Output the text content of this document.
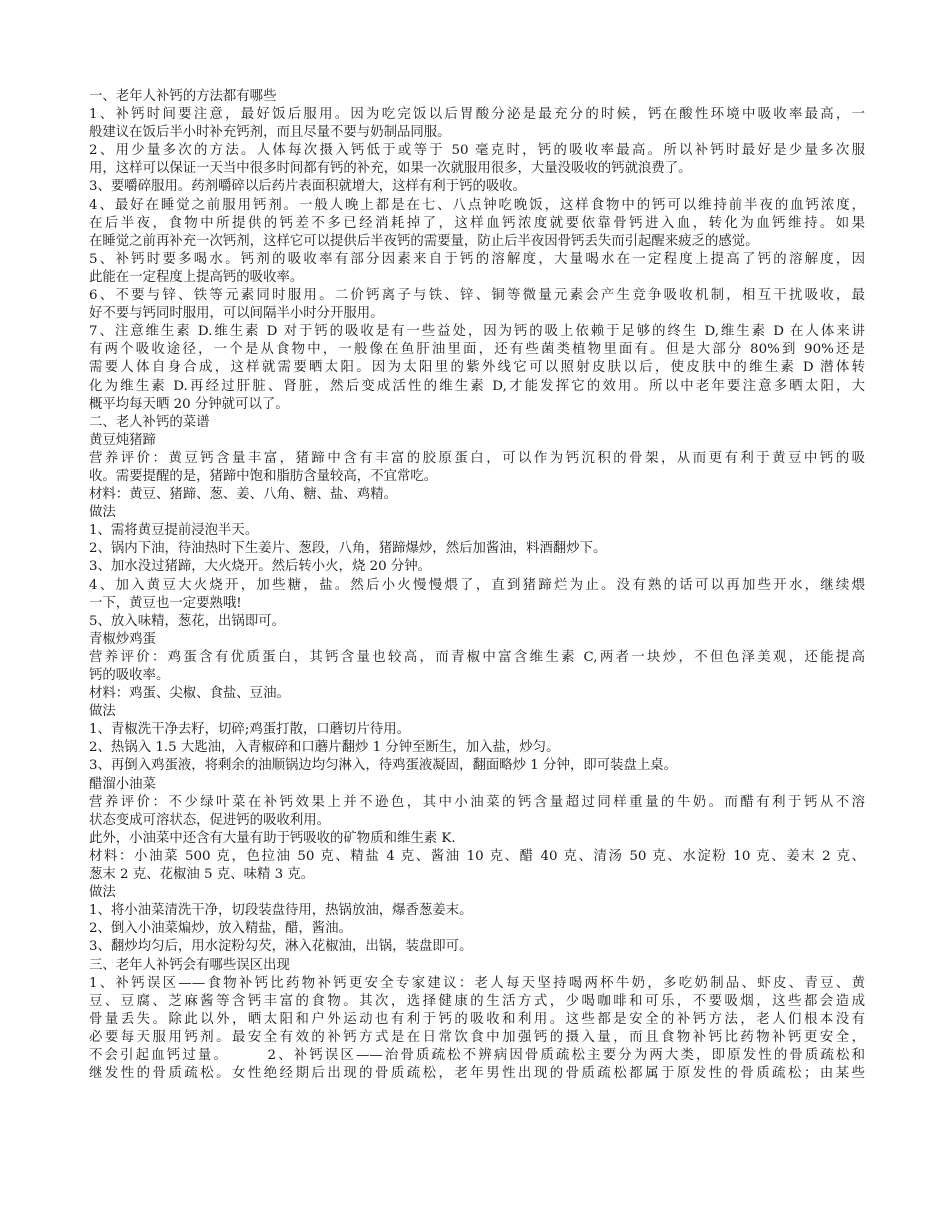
一、老年人补钙的方法都有哪些
1、补钙时间要注意，最好饭后服用。因为吃完饭以后胃酸分泌是最充分的时候，钙在酸性环境中吸收率最高，一
般建议在饭后半小时补充钙剂，而且尽量不要与奶制品同服。
2、用少量多次的方法。人体每次摄入钙低于或等于 50 毫克时，钙的吸收率最高。所以补钙时最好是少量多次服
用，这样可以保证一天当中很多时间都有钙的补充，如果一次就服用很多，大量没吸收的钙就浪费了。
3、要嚼碎服用。药剂嚼碎以后药片表面积就增大，这样有利于钙的吸收。
4、最好在睡觉之前服用钙剂。一般人晚上都是在七、八点钟吃晚饭，这样食物中的钙可以维持前半夜的血钙浓度，
在后半夜，食物中所提供的钙差不多已经消耗掉了，这样血钙浓度就要依靠骨钙进入血，转化为血钙维持。如果
在睡觉之前再补充一次钙剂，这样它可以提供后半夜钙的需要量，防止后半夜因骨钙丢失而引起醒来疲乏的感觉。
5、补钙时要多喝水。钙剂的吸收率有部分因素来自于钙的溶解度，大量喝水在一定程度上提高了钙的溶解度，因
此能在一定程度上提高钙的吸收率。
6、不要与锌、铁等元素同时服用。二价钙离子与铁、锌、铜等微量元素会产生竞争吸收机制，相互干扰吸收，最
好不要与钙同时服用，可以间隔半小时分开服用。
7、注意维生素 D.维生素 D 对于钙的吸收是有一些益处，因为钙的吸上依赖于足够的终生 D,维生素 D 在人体来讲
有两个吸收途径，一个是从食物中，一般像在鱼肝油里面，还有些菌类植物里面有。但是大部分 80%到 90%还是
需要人体自身合成，这样就需要晒太阳。因为太阳里的紫外线它可以照射皮肤以后，使皮肤中的维生素 D 潜体转
化为维生素 D.再经过肝脏、肾脏，然后变成活性的维生素 D,才能发挥它的效用。所以中老年要注意多晒太阳，大
概平均每天晒 20 分钟就可以了。
二、老人补钙的菜谱
黄豆炖猪蹄
营养评价：黄豆钙含量丰富，猪蹄中含有丰富的胶原蛋白，可以作为钙沉积的骨架，从而更有利于黄豆中钙的吸
收。需要提醒的是，猪蹄中饱和脂肪含量较高，不宜常吃。
材料：黄豆、猪蹄、葱、姜、八角、糖、盐、鸡精。
做法
1、需将黄豆提前浸泡半天。
2、锅内下油，待油热时下生姜片、葱段，八角，猪蹄爆炒，然后加酱油，料酒翻炒下。
3、加水没过猪蹄，大火烧开。然后转小火，烧 20 分钟。
4、加入黄豆大火烧开，加些糖，盐。然后小火慢慢煨了，直到猪蹄烂为止。没有熟的话可以再加些开水，继续煨
一下，黄豆也一定要熟哦!
5、放入味精，葱花，出锅即可。
青椒炒鸡蛋
营养评价：鸡蛋含有优质蛋白，其钙含量也较高，而青椒中富含维生素 C,两者一块炒，不但色泽美观，还能提高
钙的吸收率。
材料：鸡蛋、尖椒、食盐、豆油。
做法
1、青椒洗干净去籽，切碎;鸡蛋打散，口蘑切片待用。
2、热锅入 1.5 大匙油，入青椒碎和口蘑片翻炒 1 分钟至断生，加入盐，炒匀。
3、再倒入鸡蛋液，将剩余的油顺锅边均匀淋入，待鸡蛋液凝固，翻面略炒 1 分钟，即可装盘上桌。
醋溜小油菜
营养评价：不少绿叶菜在补钙效果上并不逊色，其中小油菜的钙含量超过同样重量的牛奶。而醋有利于钙从不溶
状态变成可溶状态，促进钙的吸收利用。
此外，小油菜中还含有大量有助于钙吸收的矿物质和维生素 K.
材料：小油菜 500 克，色拉油 50 克、精盐 4 克、酱油 10 克、醋 40 克、清汤 50 克、水淀粉 10 克、姜末 2 克、
葱末 2 克、花椒油 5 克、味精 3 克。
做法
1、将小油菜清洗干净，切段装盘待用，热锅放油，爆香葱姜末。
2、倒入小油菜煸炒，放入精盐，醋，酱油。
3、翻炒均匀后，用水淀粉勾芡，淋入花椒油，出锅，装盘即可。
三、老年人补钙会有哪些误区出现
1、补钙误区——食物补钙比药物补钙更安全专家建议：老人每天坚持喝两杯牛奶，多吃奶制品、虾皮、青豆、黄
豆、豆腐、芝麻酱等含钙丰富的食物。其次，选择健康的生活方式，少喝咖啡和可乐，不要吸烟，这些都会造成
骨量丢失。除此以外，晒太阳和户外运动也有利于钙的吸收和利用。这些都是安全的补钙方法，老人们根本没有
必要每天服用钙剂。最安全有效的补钙方式是在日常饮食中加强钙的摄入量，而且食物补钙比药物补钙更安全，
不会引起血钙过量。      2、补钙误区——治骨质疏松不辨病因骨质疏松主要分为两大类，即原发性的骨质疏松和
继发性的骨质疏松。女性绝经期后出现的骨质疏松，老年男性出现的骨质疏松都属于原发性的骨质疏松；由某些
